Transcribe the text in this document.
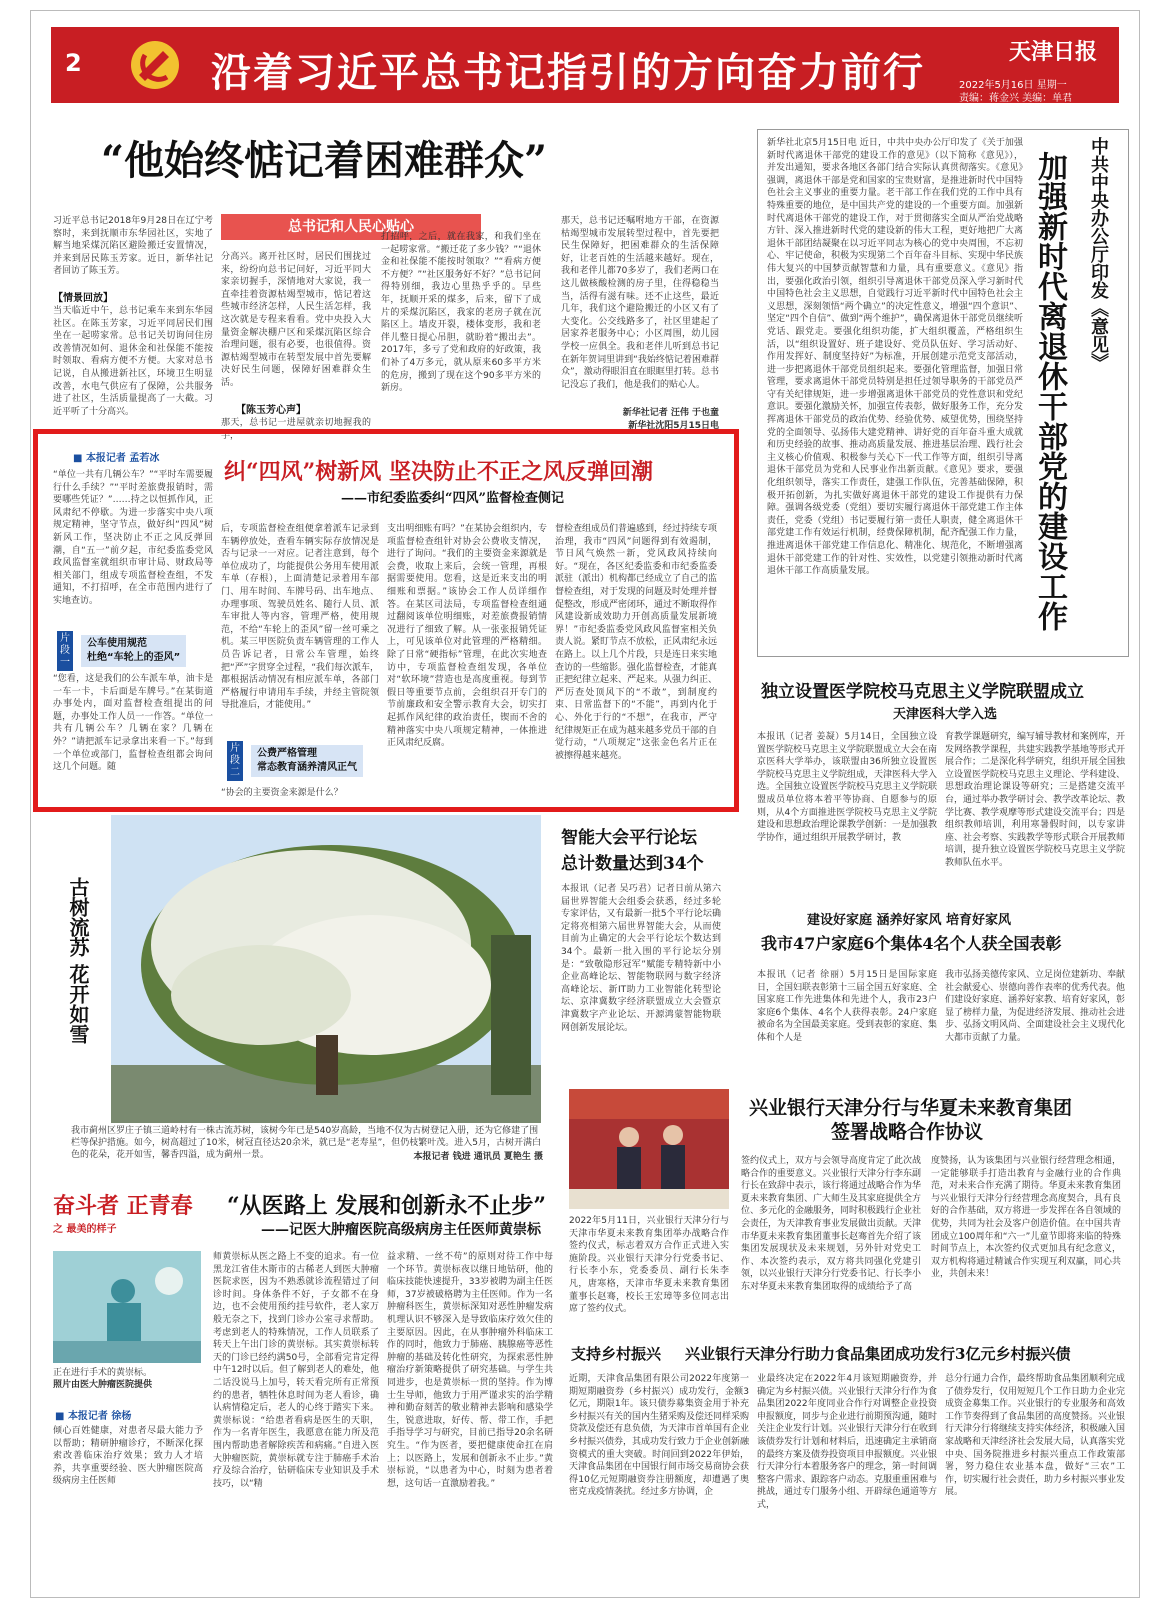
2	沿着习近平总书记指引的方向奋力前行	天津日报
2022年5月16日 星期一
责编：蒋金兴 美编：单君
“他始终惦记着困难群众”
总书记和人民心贴心
习近平总书记2018年9月28日在辽宁考察时，来到抚顺市东华园社区，实地了解当地采煤沉陷区避险搬迁安置情况，并来到居民陈玉芳家。近日，新华社记者回访了陈玉芳。
【情景回放】
当天临近中午，总书记乘车来到东华园社区。在陈玉芳家，习近平同居民们围坐在一起唠家常。总书记关切询问住房改善情况如何、退休金和社保能不能按时领取、看病方便不方便。大家对总书记说，自从搬进新社区，环境卫生明显改善，水电气供应有了保障，公共服务进了社区，生活质量提高了一大截。习近平听了十分高兴。
分高兴。离开社区时，居民们围拢过来，纷纷向总书记问好，习近平同大家亲切握手，深情地对大家说，我一直牵挂着资源枯竭型城市，惦记着这些城市经济怎样，人民生活怎样，我这次就是专程来看看。党中央投入大量资金解决棚户区和采煤沉陷区综合治理问题，很有必要，也很值得。资源枯竭型城市在转型发展中首先要解决好民生问题，保障好困难群众生活。
【陈玉芳心声】
那天，总书记一进屋就亲切地握我的手，
打招呼，之后，就在我家，和我们坐在一起唠家常。“搬迁花了多少钱？”“退休金和社保能不能按时领取？”“看病方便不方便？”“社区服务好不好？”总书记问得特别细，我边心里热乎乎的。早些年，抚顺开采的煤多，后来，留下了成片的采煤沉陷区，我家的老房子就在沉陷区上。墙皮开裂，楼体变形，我和老伴儿整日提心吊胆，就盼着“搬出去”。2017年，多亏了党和政府的好政策，我们补了4万多元，就从原来60多平方米的危房，搬到了现在这个90多平方米的新房。
那天，总书记还嘱咐地方干部，在资源枯竭型城市发展转型过程中，首先要把民生保障好，把困难群众的生活保障好，让老百姓的生活越来越好。现在，我和老伴儿都70多岁了，我们老两口在这儿做核酸检测的房子里，住得稳稳当当，活得有滋有味。还不止这些，最近几年，我们这个避险搬迁的小区又有了大变化。公交线路多了，社区里建起了居家养老服务中心；小区周围，幼儿园学校一应俱全。我和老伴儿听到总书记在新年贺词里讲到“我始终惦记着困难群众”，激动得眼泪直在眼眶里打转。总书记没忘了我们，他是我们的贴心人。
新华社记者 汪伟 于也童
新华社沈阳5月15日电
新华社北京5月15日电 近日，中共中央办公厅印发了《关于加强新时代离退休干部党的建设工作的意见》（以下简称《意见》），并发出通知，要求各地区各部门结合实际认真贯彻落实。《意见》强调，离退休干部是党和国家的宝贵财富，是推进新时代中国特色社会主义事业的重要力量。老干部工作在我们党的工作中具有特殊重要的地位，是中国共产党的建设的一个重要方面。加强新时代离退休干部党的建设工作，对于贯彻落实全面从严治党战略方针、深入推进新时代党的建设新的伟大工程，更好地把广大离退休干部团结凝聚在以习近平同志为核心的党中央周围，不忘初心、牢记使命，积极为实现第二个百年奋斗目标、实现中华民族伟大复兴的中国梦贡献智慧和力量，具有重要意义。《意见》指出，要强化政治引领，组织引导离退休干部党员深入学习新时代中国特色社会主义思想，自觉践行习近平新时代中国特色社会主义思想，深刻领悟“两个确立”的决定性意义，增强“四个意识”、坚定“四个自信”、做到“两个维护”，确保离退休干部党员继续听党话、跟党走。要强化组织功能，扩大组织覆盖，严格组织生活，以“组织设置好、班子建设好、党员队伍好、学习活动好、作用发挥好、制度坚持好”为标准，开展创建示范党支部活动，进一步把离退休干部党员组织起来。要强化管理监督，加强日常管理，要求离退休干部党员特别是担任过领导职务的干部党员严守有关纪律规矩，进一步增强离退休干部党员的党性意识和党纪意识。要强化激励关怀，加强宣传表彰，做好服务工作，充分发挥离退休干部党员的政治优势、经验优势、威望优势，围绕坚持党的全面领导、弘扬伟大建党精神、讲好党的百年奋斗重大成就和历史经验的故事、推动高质量发展、推进基层治理、践行社会主义核心价值观、积极参与关心下一代工作等方面，组织引导离退休干部党员为党和人民事业作出新贡献。《意见》要求，要强化组织领导，落实工作责任，建强工作队伍，完善基础保障，积极开拓创新，为扎实做好离退休干部党的建设工作提供有力保障。强调各级党委（党组）要切实履行离退休干部党建工作主体责任，党委（党组）书记要履行第一责任人职责，健全离退休干部党建工作有效运行机制，经费保障机制，配齐配强工作力量，推进离退休干部党建工作信息化、精准化、规范化，不断增强离退休干部党建工作的针对性、实效性，以党建引领推动新时代离退休干部工作高质量发展。
中共中央办公厅印发《意见》
加强新时代离退休干部党的建设工作
■ 本报记者 孟若冰
纠“四风”树新风 坚决防止不正之风反弹回潮
——市纪委监委纠“四风”监督检查侧记
“单位一共有几辆公车？”“平时车需要履行什么手续？”“平时差旅费报销时，需要哪些凭证？”……持之以恒抓作风，正风肃纪不停歇。为进一步落实中央八项规定精神，坚守节点，做好纠“四风”树新风工作，坚决防止不正之风反弹回潮，自“五一”前夕起，市纪委监委党风政风监督室就组织市审计局、财政局等相关部门，组成专项监督检查组，不发通知，不打招呼，在全市范围内进行了实地查访。
片段一
公车使用规范
杜绝“车轮上的歪风”
“您看，这是我们的公车派车单，油卡是一车一卡，卡后面是车牌号。”在某街道办事处内，面对监督检查组提出的问题，办事处工作人员一一作答。“单位一共有几辆公车？几辆在家？几辆在外？”请把派车记录拿出来看一下。”每到一个单位或部门，监督检查组都会询问这几个问题。随
后，专项监督检查组便拿着派车记录到车辆停放处，查看车辆实际存放情况是否与记录一一对应。记者注意到，每个单位成功了，均能提供公务用车使用派车单（存根），上面清楚记录着用车部门、用车时间、车牌号码、出车地点、办理事项、驾驶员姓名、随行人员、派车审批人等内容，管理严格，使用规范，不给“车轮上的歪风”留一丝可乘之机。某三甲医院负责车辆管理的工作人员告诉记者，日常公车管理，始终把“严”字贯穿全过程，“我们每次派车，都根据活动情况有相应派车单，各部门严格履行申请用车手续，并经主管院领导批准后，才能使用。”
片段二
公费严格管理
常态教育涵养清风正气
“协会的主要资金来源是什么？
支出明细账有吗？”在某协会组织内，专项监督检查组针对协会公费收支情况，进行了询问。“我们的主要资金来源就是会费，收取上来后，会统一管理，再根据需要使用。您看，这是近来支出的明细账和票据。”该协会工作人员详细作答。在某区司法局，专项监督检查组通过翻阅该单位明细账，对差旅费报销情况进行了细致了解。从一张张报销凭证上，可见该单位对此管理的严格精细。除了日常“硬指标”管理，在此次实地查访中，专项监督检查组发现，各单位对“软环境”营造也是高度重视。每到节假日等重要节点前，会组织召开专门的节前廉政和安全警示教育大会，切实打起抓作风纪律的政治责任，锲而不舍的精神落实中央八项规定精神，一体推进正风肃纪反腐。
督检查组成员们普遍感到，经过持续专项治理，我市“四风”问题得到有效遏制，节日风气焕然一新，党风政风持续向好。“现在，各区纪委监委和市纪委监委派驻（派出）机构都已经成立了自己的监督检查组，对于发现的问题及时处理并督促整改，形成严密闭环，通过不断取得作风建设新成效助力开创高质量发展新境界！”市纪委监委党风政风监督室相关负责人说。紧盯节点不放松，正风肃纪永远在路上。以上几个片段，只是连日来实地查访的一些缩影。强化监督检查，才能真正把纪律立起来、严起来。从强力纠正、严厉查处顶风下的“不敢”，到制度约束、日常监督下的“不能”，再到内化于心、外化于行的“不想”，在我市，严守纪律规矩正在成为越来越多党员干部的自觉行动，“八项规定”这张金色名片正在被擦得越来越亮。
独立设置医学院校马克思主义学院联盟成立
天津医科大学入选
本报讯（记者 姜凝）5月14日，全国独立设置医学院校马克思主义学院联盟成立大会在南京医科大学举办，该联盟由36所独立设置医学院校马克思主义学院组成，天津医科大学入选。全国独立设置医学院校马克思主义学院联盟成员单位将本着平等协商、自愿参与的原则，从4个方面推进医学院校马克思主义学院建设和思想政治理论课教学创新：一是加强教学协作，通过组织开展教学研讨，教
育教学课题研究，编写辅导教材和案例库，开发网络教学课程，共建实践教学基地等形式开展合作；二是深化科学研究，组织开展全国独立设置医学院校马克思主义理论、学科建设、思想政治理论课设等研究；三是搭建交流平台，通过举办教学研讨会、教学改革论坛、教学比赛、教学观摩等形式建设交流平台；四是组织教师培训，利用寒暑假时间，以专家讲座、社会考察、实践教学等形式联合开展教师培训，提升独立设置医学院校马克思主义学院教师队伍水平。
古树流苏 花开如雪
我市蓟州区罗庄子镇三道岭村有一株古流苏树，该树今年已是540岁高龄，当地不仅为古树登记入册，还为它修建了围栏等保护措施。如今，树高超过了10米，树冠直径达20余米，就已是“老寿星”，但仍枝繁叶茂。进入5月，古树开满白色的花朵，花开如雪，馨香四溢，成为蓟州一景。	本报记者 钱进 通讯员 夏艳生 摄
智能大会平行论坛
总计数量达到34个
本报讯（记者 吴巧君）记者日前从第六届世界智能大会组委会获悉，经过多轮专家评估，又有最新一批5个平行论坛确定将亮相第六届世界智能大会，从而使目前为止确定的大会平行论坛个数达到34个。最新一批入围的平行论坛分别是：“致敬隐形冠军”赋能专精特新中小企业高峰论坛、智能物联网与数字经济高峰论坛、新IT助力工业智能化转型论坛、京津冀数字经济联盟成立大会暨京津冀数字产业论坛、开源鸿蒙智能物联网创新发展论坛。
建设好家庭 涵养好家风 培育好家风
我市47户家庭6个集体4名个人获全国表彰
本报讯（记者 徐丽）5月15日是国际家庭日，全国妇联表彰第十三届全国五好家庭、全国家庭工作先进集体和先进个人，我市23户家庭6个集体、4名个人获得表彰。24户家庭被命名为全国最美家庭。受到表彰的家庭、集体和个人是
我市弘扬美德传家风、立足岗位建新功、奉献社会献爱心、崇德向善作表率的优秀代表。他们建设好家庭、涵养好家教、培育好家风，彰显了榜样力量，为促进经济发展、推动社会进步、弘扬文明风尚、全面建设社会主义现代化大都市贡献了力量。
兴业银行天津分行与华夏未来教育集团
签署战略合作协议
2022年5月11日，兴业银行天津分行与天津市华夏未来教育集团举办战略合作签约仪式，标志着双方合作正式进入实施阶段。兴业银行天津分行党委书记、行长李小东，党委委员、副行长朱李凡，唐寒格，天津市华夏未来教育集团董事长赵骞，校长王宏璋等多位同志出席了签约仪式。
签约仪式上，双方与会领导高度肯定了此次战略合作的重要意义。兴业银行天津分行李东副行长在致辞中表示，该行将通过战略合作为华夏未来教育集团、广大师生及其家庭提供全方位、多元化的金融服务，同时积极践行企业社会责任，为天津教育事业发展做出贡献。天津市华夏未来教育集团董事长赵骞首先介绍了该集团发展现状及未来规划，另外针对党史工作、本次签约表示，双方将共同强化党建引领，以兴业银行天津分行党委书记、行长李小东对华夏未来教育集团取得的成绩给予了高
度赞扬，认为该集团与兴业银行经营理念相通，一定能够联手打造出教育与金融行业的合作典范，对未来合作充满了期待。华夏未来教育集团与兴业银行天津分行经营理念高度契合，具有良好的合作基础，双方将进一步发挥在各自领域的优势，共同为社会及客户创造价值。在中国共青团成立100周年和“六一”儿童节即将来临的特殊时间节点上，本次签约仪式更加具有纪念意义，双方机构将通过精诚合作实现互利双赢，同心共业，共创未来！
支持乡村振兴 兴业银行天津分行助力食品集团成功发行3亿元乡村振兴债
近期，天津食品集团有限公司2022年度第一期短期融资券（乡村振兴）成功发行，金额3亿元，期限1年。该只债券募集资金用于补充乡村振兴有关的国内生猪采购及偿还同样采购贷款及偿还有息负债，为天津市首单国有企业乡村振兴债券，其成功发行致力于企业创新融资模式的重大突破。时间回到2022年伊始，天津食品集团在中国银行间市场交易商协会获得10亿元短期融资券注册额度，却遭遇了奥密克戎疫情袭扰。经过多方协调，企
业最终决定在2022年4月该短期融资券，并确定为乡村振兴债。兴业银行天津分行作为食品集团2022年度同业合作行对调整企业投资申报额度，同步与企业进行前期预沟通，随时关注企业发行计划。兴业银行天津分行在收到该债券发行计划和材料后，迅速确定主承销商的最终方案及债券投资项目申报额度。兴业银行天津分行本着服务客户的理念，第一时间调整客户需求、跟踪客户动态。克服重重困难与挑战，通过专门服务小组、开辟绿色通道等方式，
总分行通力合作，最终帮助食品集团顺利完成了债券发行，仅用短短几个工作日助力企业完成资金募集工作。兴业银行的专业服务和高效工作节奏得到了食品集团的高度赞扬。兴业银行天津分行将继续支持实体经济，积极融入国家战略和天津经济社会发展大局，认真落实党中央、国务院推进乡村振兴重点工作政策部署，努力稳住农业基本盘，做好“三农”工作，切实履行社会责任，助力乡村振兴事业发展。
奋斗者 正青春
之 最美的样子
“从医路上 发展和创新永不止步”
——记医大肿瘤医院高级病房主任医师黄崇标
正在进行手术的黄崇标。
照片由医大肿瘤医院提供
■ 本报记者 徐杨
倾心百姓健康，对患者尽最大能力予以帮助；精研肿瘤诊疗，不断深化探索改善临床治疗效果；致力人才培养，共享重要经验、医大肿瘤医院高级病房主任医师
师黄崇标从医之路上不变的追求。有一位黑龙江省佳木斯市的古稀老人到医大肿瘤医院求医，因为不熟悉就诊流程错过了问诊时间。身体条件不好，子女都不在身边，也不会使用预约挂号软件，老人家万般无奈之下，找到门诊办公室寻求帮助。考虑到老人的特殊情况，工作人员联系了转天上午出门诊的黄崇标。其实黄崇标转天的门诊已经约满50号，全部看完肯定得中午12时以后。但了解到老人的难处，他二话没说马上加号，转天看完所有正常预约的患者，牺牲休息时间为老人看诊，确认病情稳定后，老人的心终于踏实下来。黄崇标说：“给患者看病是医生的天职，作为一名青年医生，我愿意在能力所及范围内帮助患者解除疾苦和病痛。”自进入医大肿瘤医院，黄崇标就专注于肺癌手术治疗及综合治疗，钻研临床专业知识及手术技巧，以“精
益求精、一丝不苟”的原则对待工作中每一个环节。黄崇标夜以继日地钻研，他的临床技能快速提升，33岁被聘为副主任医师，37岁被破格聘为主任医师。作为一名肿瘤科医生，黄崇标深知对恶性肿瘤发病机理认识不够深入是导致临床疗效欠佳的主要原因。因此，在从事肿瘤外科临床工作的同时，他致力于肺癌、胰腺癌等恶性肿瘤的基础及转化性研究，为探索恶性肿瘤治疗新策略提供了研究基础。与学生共同进步，也是黄崇标一贯的坚持。作为博士生导师，他致力于用严谨求实的治学精神和勤奋刻苦的敬业精神去影响和感染学生，锐意进取，好传、帮、带工作，手把手指导学习与研究，目前已指导20余名研究生。“作为医者，要把健康使命扛在肩上；以医路上，发展和创新永不止步。”黄崇标说，“以患者为中心，时刻为患者着想，这句话一直激励着我。”
